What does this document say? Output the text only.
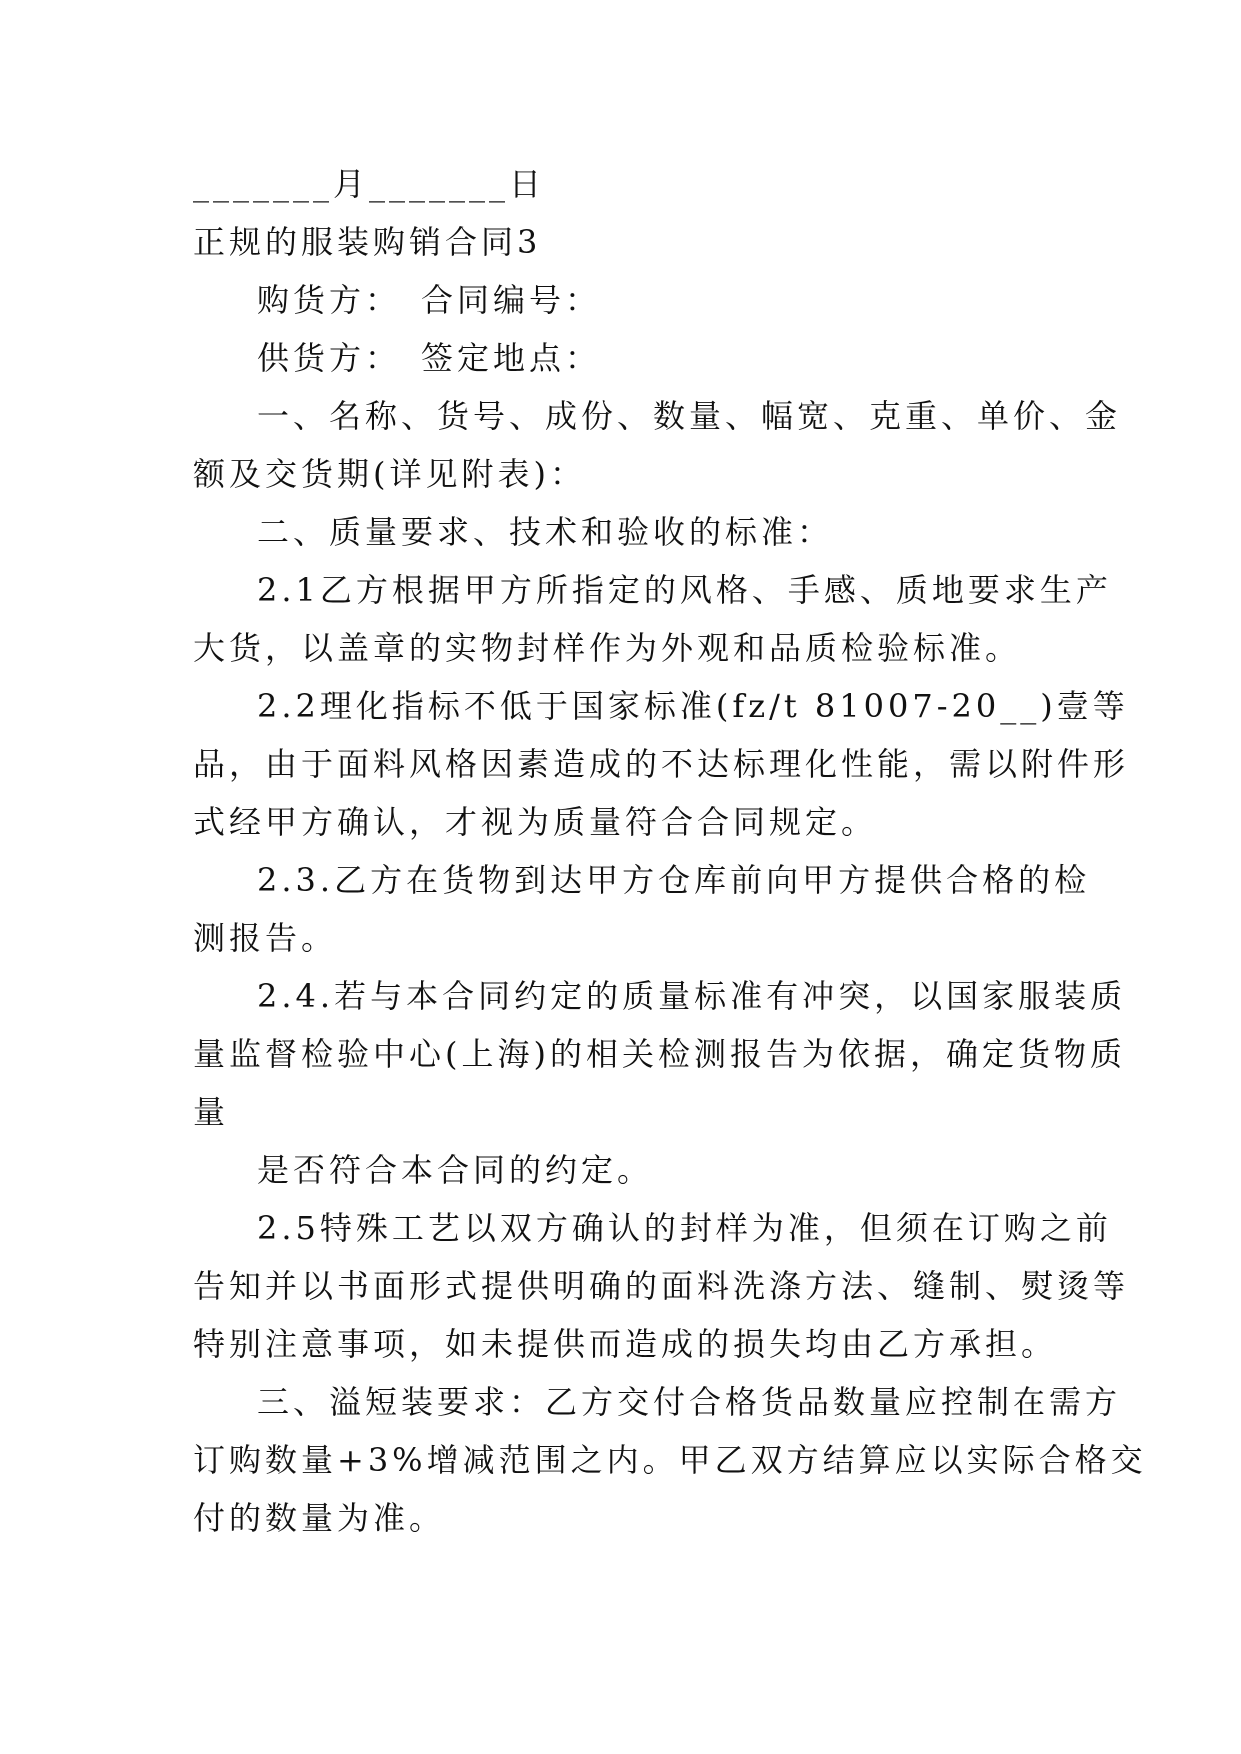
_______月_______日
正规的服装购销合同3
购货方：　合同编号：
供货方：　签定地点：
一、名称、货号、成份、数量、幅宽、克重、单价、金
额及交货期(详见附表)：
二、质量要求、技术和验收的标准：
2.1乙方根据甲方所指定的风格、手感、质地要求生产
大货，以盖章的实物封样作为外观和品质检验标准。
2.2理化指标不低于国家标准(fz/t 81007-20__)壹等
品，由于面料风格因素造成的不达标理化性能，需以附件形
式经甲方确认，才视为质量符合合同规定。
2.3.乙方在货物到达甲方仓库前向甲方提供合格的检
测报告。
2.4.若与本合同约定的质量标准有冲突，以国家服装质
量监督检验中心(上海)的相关检测报告为依据，确定货物质
量
是否符合本合同的约定。
2.5特殊工艺以双方确认的封样为准，但须在订购之前
告知并以书面形式提供明确的面料洗涤方法、缝制、熨烫等
特别注意事项，如未提供而造成的损失均由乙方承担。
三、溢短装要求：乙方交付合格货品数量应控制在需方
订购数量+3%增减范围之内。甲乙双方结算应以实际合格交
付的数量为准。
